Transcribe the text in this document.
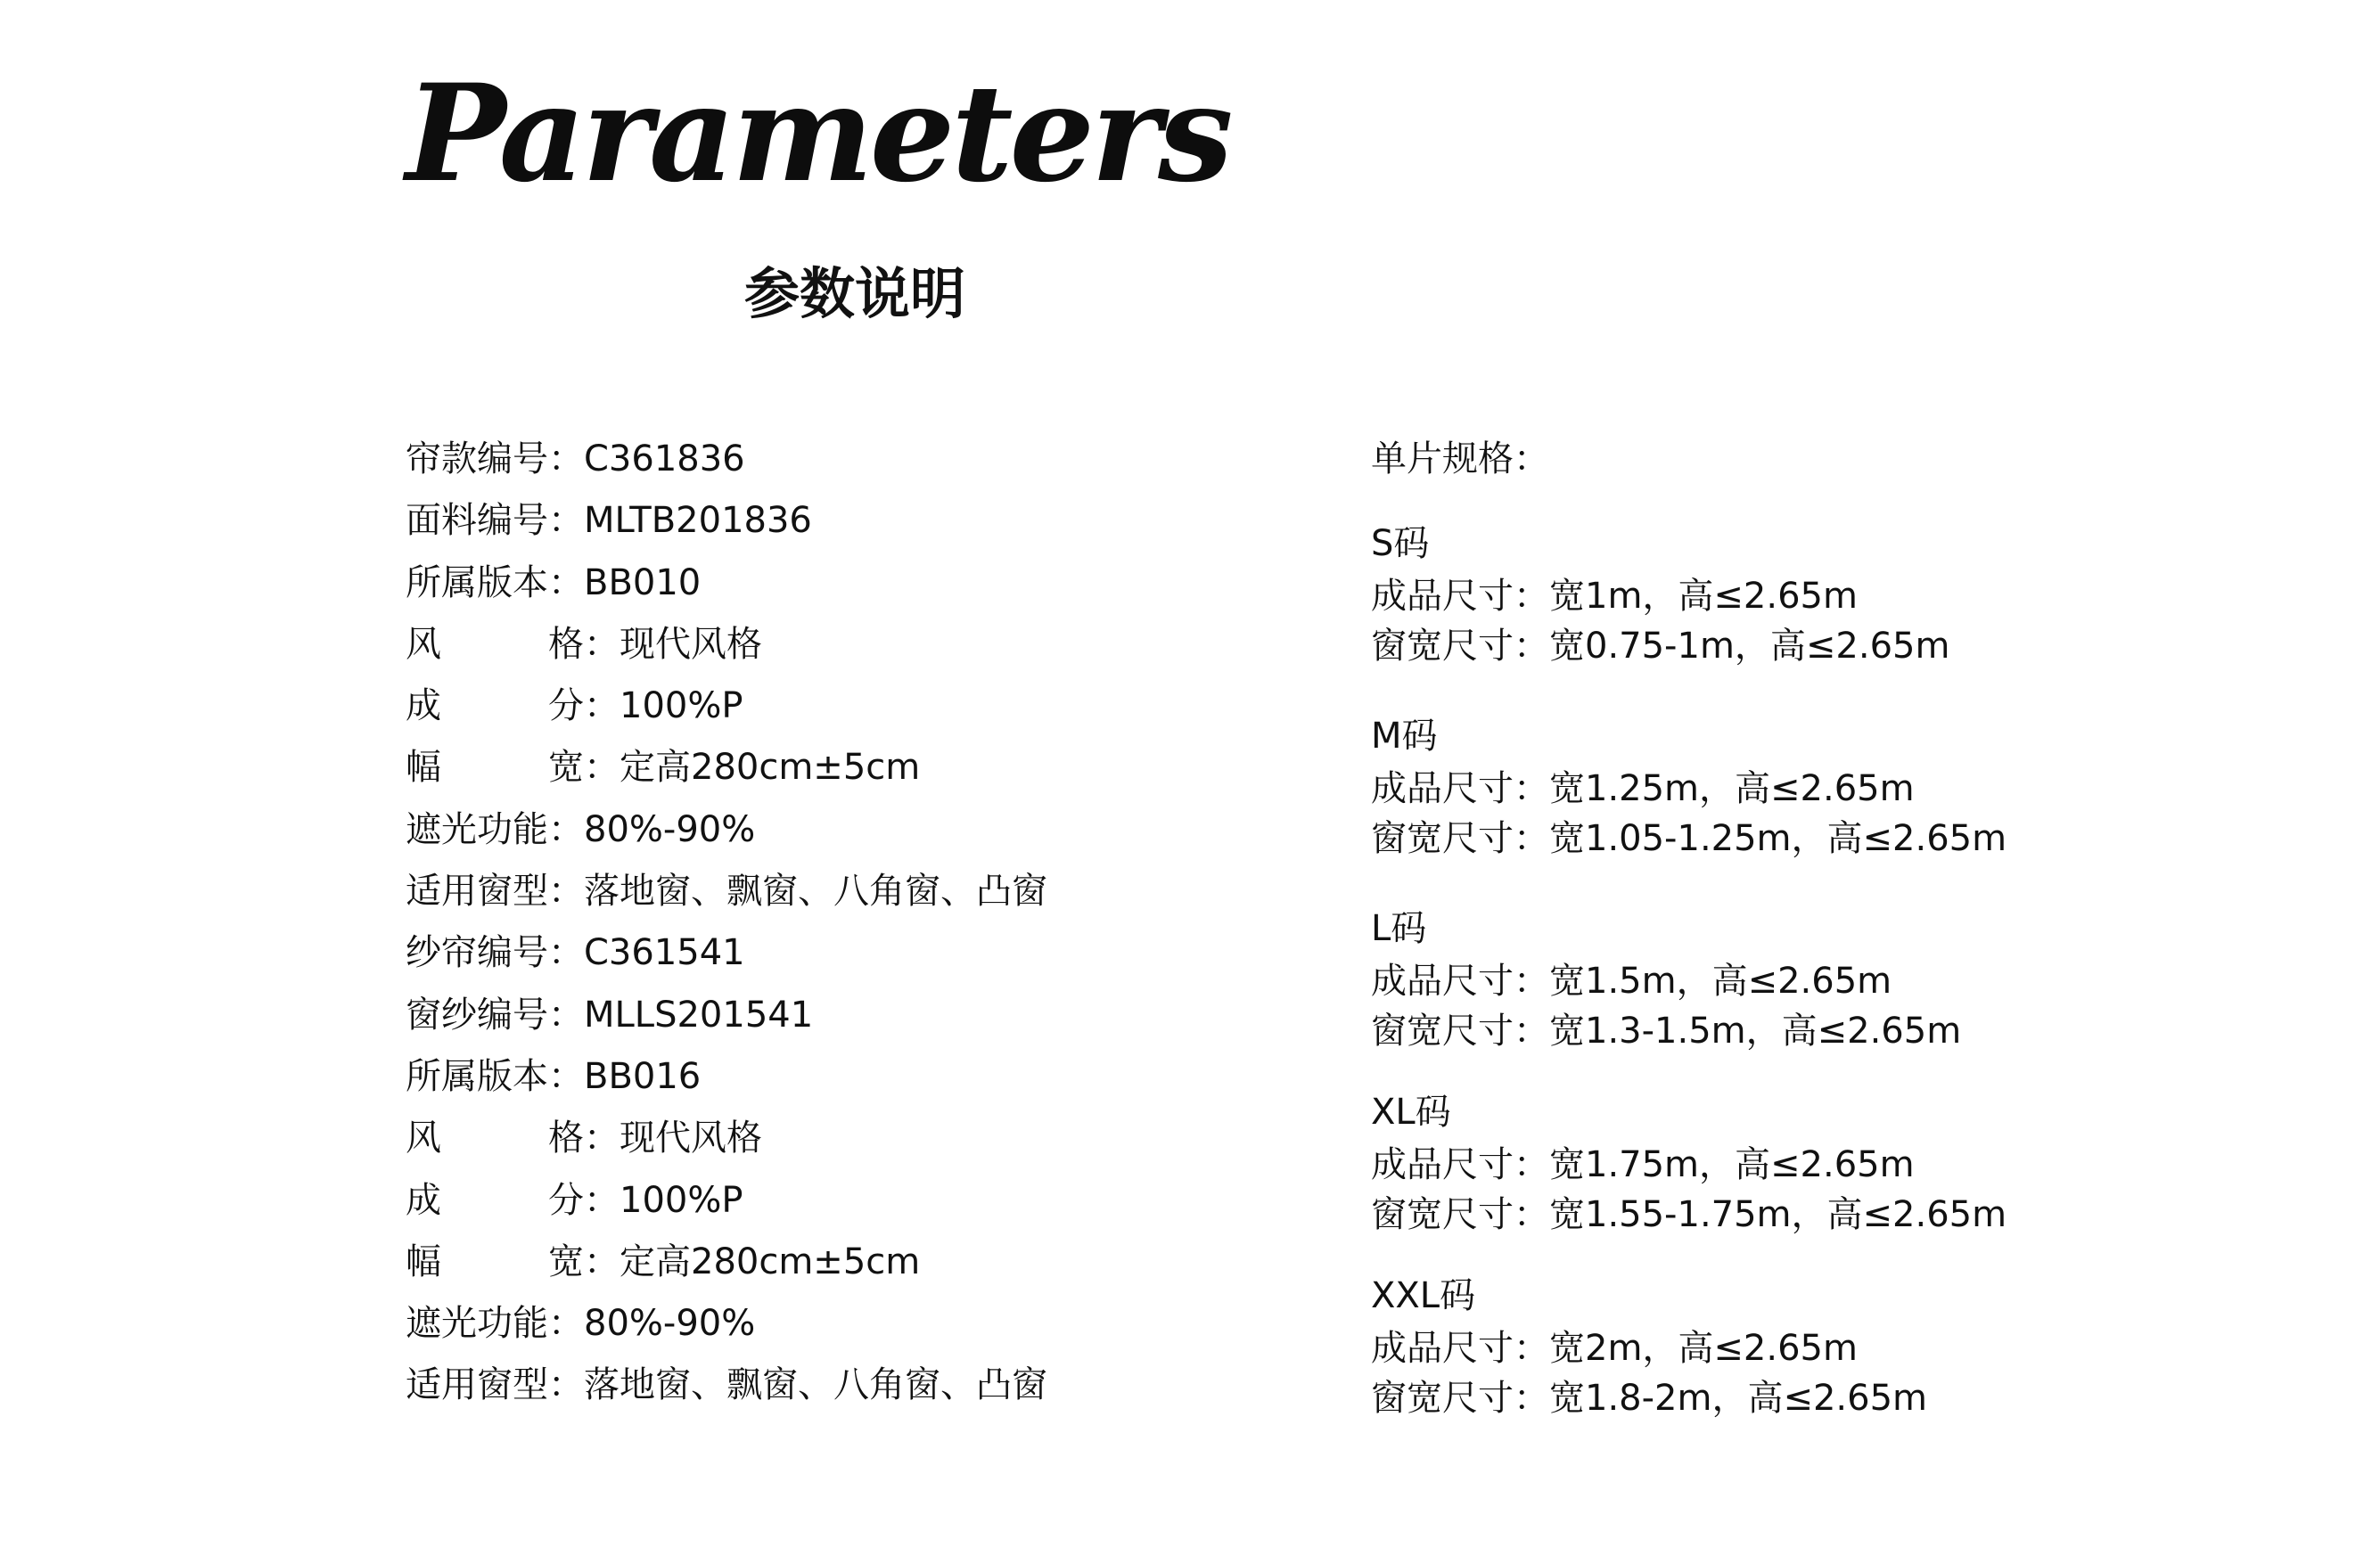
Parameters
参数说明
帘款编号 ： C361836
面料编号 ： MLTB201836
所属版本 ： BB010
风	格 ： 现代风格
成	分 ： 100%P
幅	宽 ： 定高280cm±5cm
遮光功能 ： 80%-90%
适用窗型 ： 落地窗、飘窗、八角窗、凸窗
纱帘编号 ： C361541
窗纱编号 ： MLLS201541
所属版本 ： BB016
风	格 ： 现代风格
成	分 ： 100%P
幅	宽 ： 定高280cm±5cm
遮光功能 ： 80%-90%
适用窗型 ： 落地窗、飘窗、八角窗、凸窗
单片规格：
S码
成品尺寸：宽1m，高≤2.65m
窗宽尺寸：宽0.75-1m，高≤2.65m
M码
成品尺寸：宽1.25m，高≤2.65m
窗宽尺寸：宽1.05-1.25m，高≤2.65m
L码
成品尺寸：宽1.5m，高≤2.65m
窗宽尺寸：宽1.3-1.5m，高≤2.65m
XL码
成品尺寸：宽1.75m，高≤2.65m
窗宽尺寸：宽1.55-1.75m，高≤2.65m
XXL码
成品尺寸：宽2m，高≤2.65m
窗宽尺寸：宽1.8-2m，高≤2.65m
